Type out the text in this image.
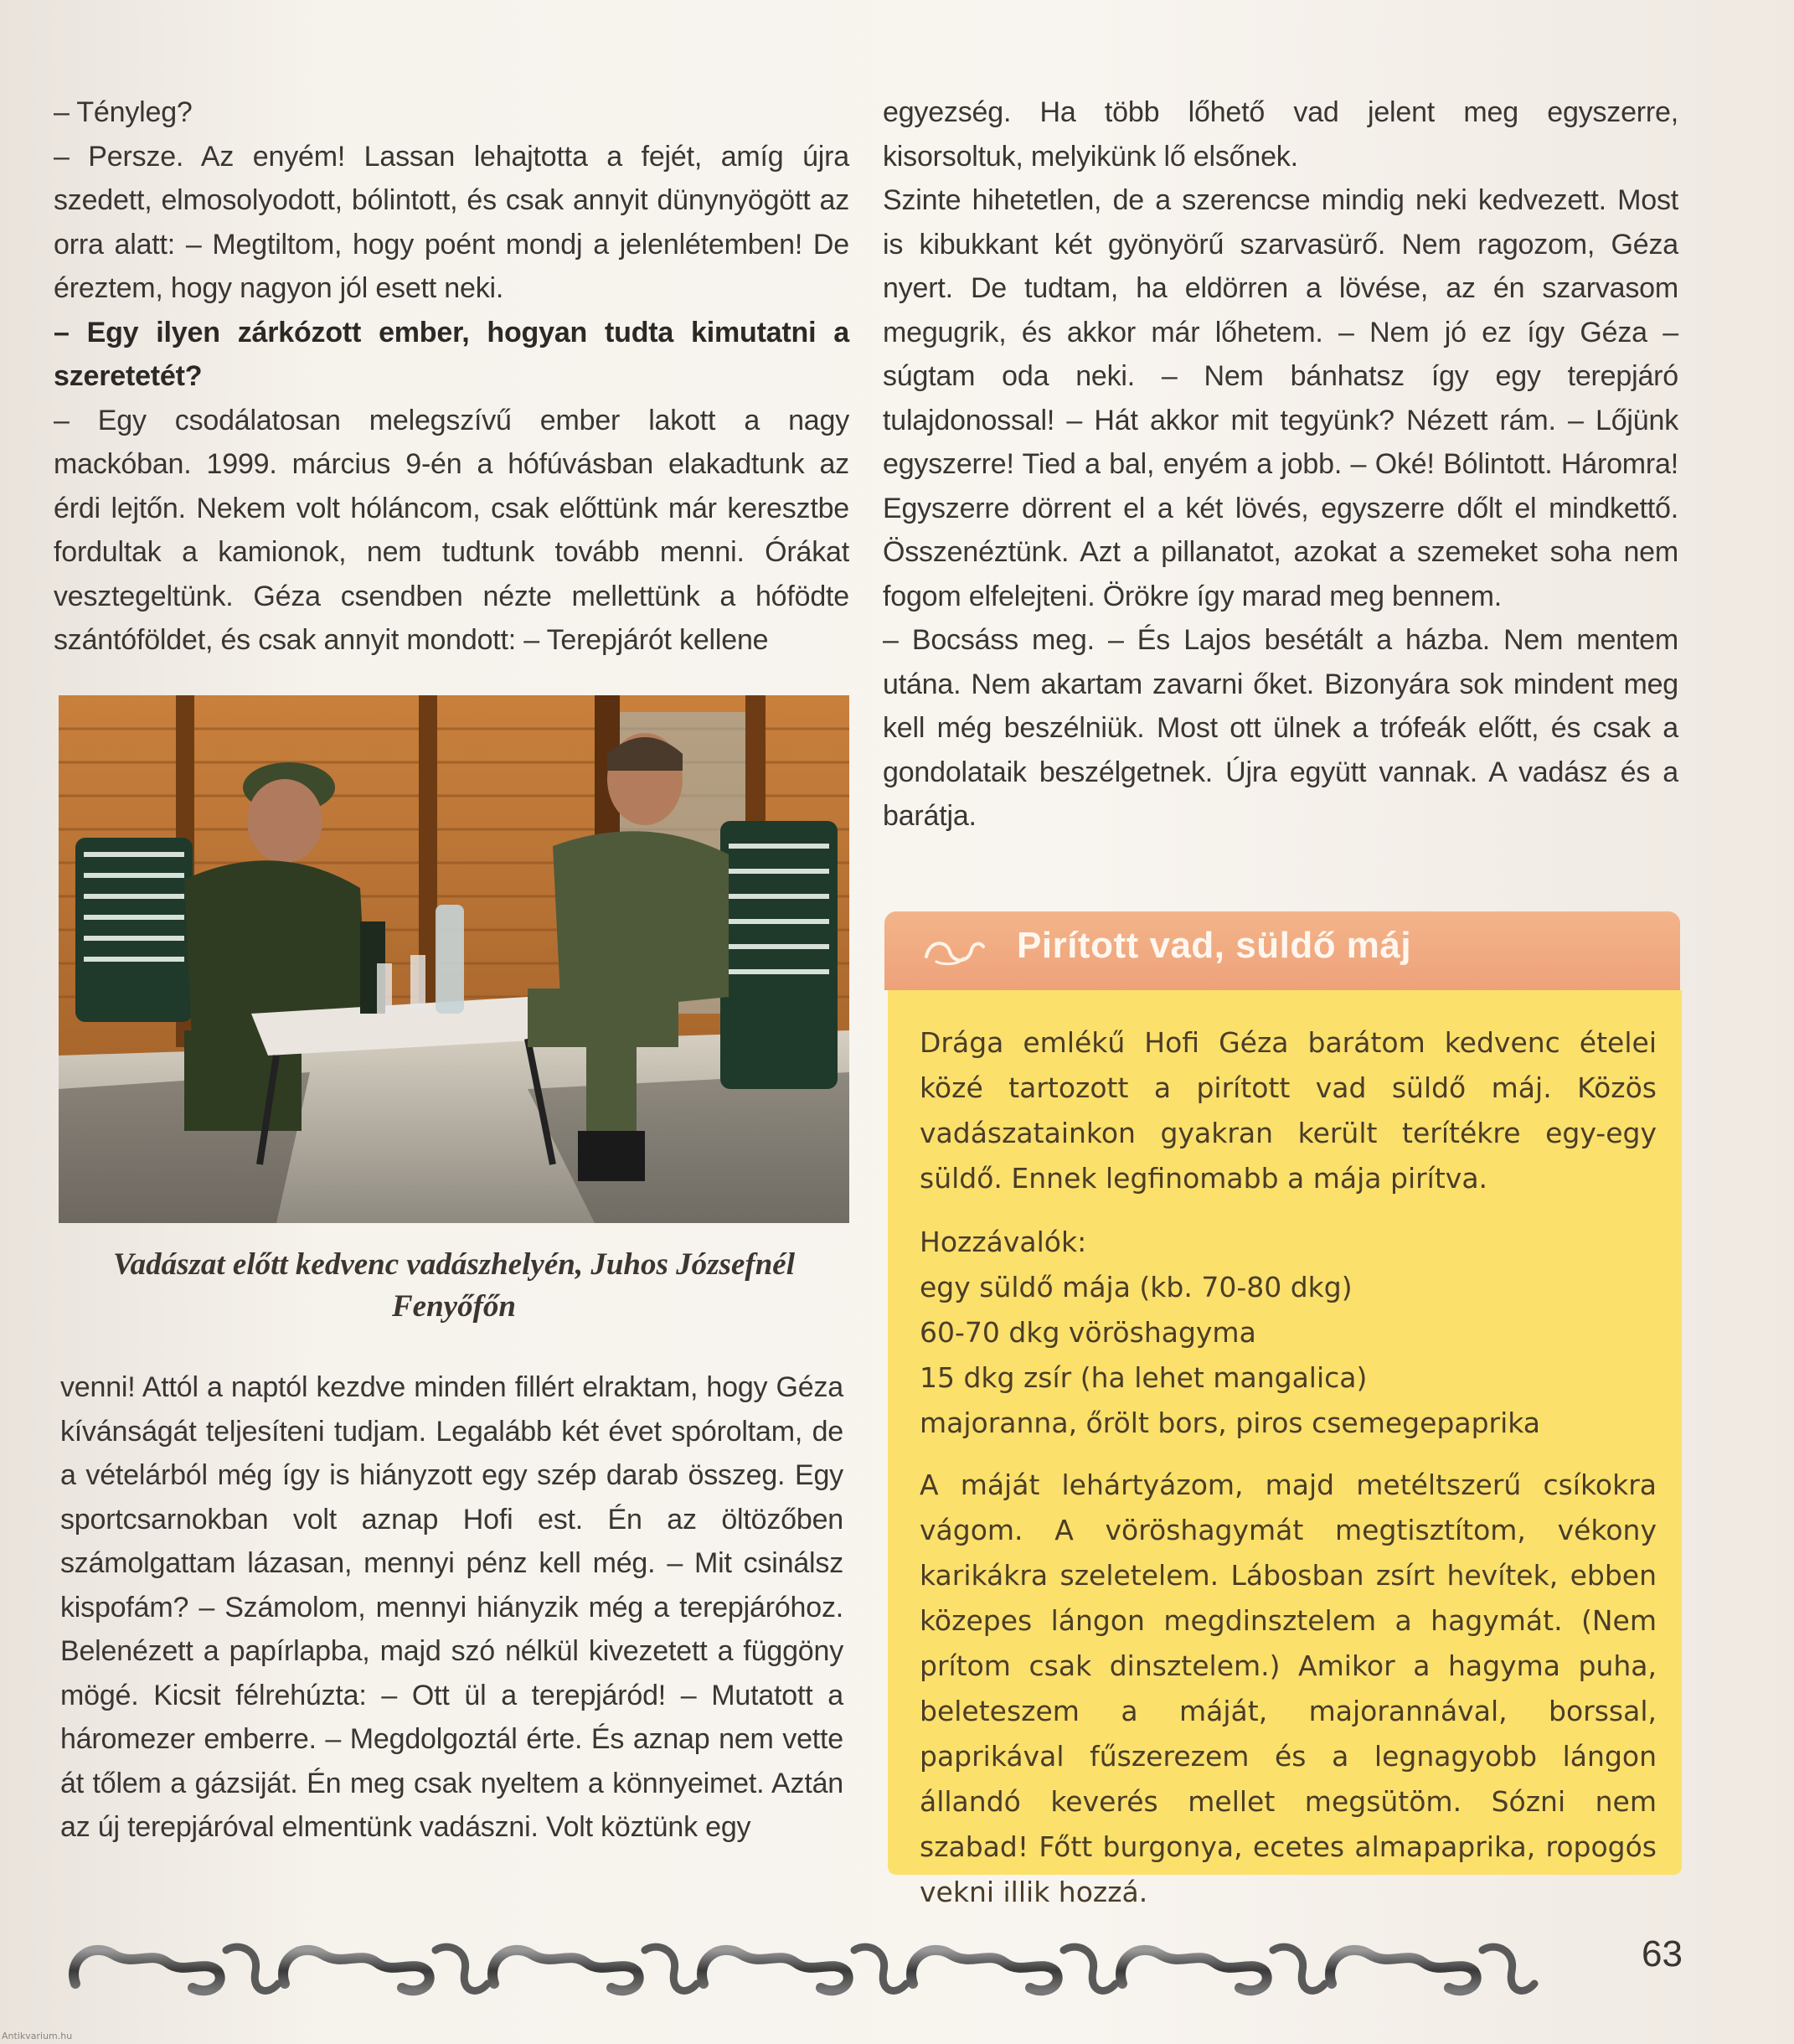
– Tényleg?

– Persze. Az enyém! Lassan lehajtotta a fejét, amíg újra szedett, elmosolyodott, bólintott, és csak annyit dünynyögött az orra alatt: – Megtiltom, hogy poént mondj a jelenlétemben! De éreztem, hogy nagyon jól esett neki.

– Egy ilyen zárkózott ember, hogyan tudta kimutatni a szeretetét?

– Egy csodálatosan melegszívű ember lakott a nagy mackóban. 1999. március 9-én a hófúvásban elakadtunk az érdi lejtőn. Nekem volt hóláncom, csak előttünk már keresztbe fordultak a kamionok, nem tudtunk tovább menni. Órákat vesztegeltünk. Géza csendben nézte mellettünk a hófödte szántóföldet, és csak annyit mondott: – Terepjárót kellene

Vadászat előtt kedvenc vadászhelyén, Juhos Józsefnél Fenyőfőn

venni! Attól a naptól kezdve minden fillért elraktam, hogy Géza kívánságát teljesíteni tudjam. Legalább két évet spóroltam, de a vételárból még így is hiányzott egy szép darab összeg. Egy sportcsarnokban volt aznap Hofi est. Én az öltözőben számolgattam lázasan, mennyi pénz kell még. – Mit csinálsz kispofám? – Számolom, mennyi hiányzik még a terepjáróhoz. Belenézett a papírlapba, majd szó nélkül kivezetett a függöny mögé. Kicsit félrehúzta: – Ott ül a terepjáród! – Mutatott a háromezer emberre. – Megdolgoztál érte. És aznap nem vette át tőlem a gázsiját. Én meg csak nyeltem a könnyeimet. Aztán az új terepjáróval elmentünk vadászni. Volt köztünk egy

egyezség. Ha több lőhető vad jelent meg egyszerre, kisorsoltuk, melyikünk lő elsőnek.

Szinte hihetetlen, de a szerencse mindig neki kedvezett. Most is kibukkant két gyönyörű szarvasürő. Nem ragozom, Géza nyert. De tudtam, ha eldörren a lövése, az én szarvasom megugrik, és akkor már lőhetem. – Nem jó ez így Géza – súgtam oda neki. – Nem bánhatsz így egy terepjáró tulajdonossal! – Hát akkor mit tegyünk? Nézett rám. – Lőjünk egyszerre! Tied a bal, enyém a jobb. – Oké! Bólintott. Háromra! Egyszerre dörrent el a két lövés, egyszerre dőlt el mindkettő. Összenéztünk. Azt a pillanatot, azokat a szemeket soha nem fogom elfelejteni. Örökre így marad meg bennem.

– Bocsáss meg. – És Lajos besétált a házba. Nem mentem utána. Nem akartam zavarni őket. Bizonyára sok mindent meg kell még beszélniük. Most ott ülnek a trófeák előtt, és csak a gondolataik beszélgetnek. Újra együtt vannak. A vadász és a barátja.

Pirított vad, süldő máj

Drága emlékű Hofi Géza barátom kedvenc ételei közé tartozott a pirított vad süldő máj. Közös vadászatainkon gyakran került terítékre egy-egy süldő. Ennek legfinomabb a mája pirítva.

Hozzávalók:
egy süldő mája (kb. 70-80 dkg)
60-70 dkg vöröshagyma
15 dkg zsír (ha lehet mangalica)
majoranna, őrölt bors, piros csemegepaprika

A máját lehártyázom, majd metéltszerű csíkokra vágom. A vöröshagymát megtisztítom, vékony karikákra szeletelem. Lábosban zsírt hevítek, ebben közepes lángon megdinsztelem a hagymát. (Nem prítom csak dinsztelem.) Amikor a hagyma puha, beleteszem a máját, majorannával, borssal, paprikával fűszerezem és a legnagyobb lángon állandó keverés mellet megsütöm. Sózni nem szabad! Főtt burgonya, ecetes almapaprika, ropogós vekni illik hozzá.

63
Antikvarium.hu
